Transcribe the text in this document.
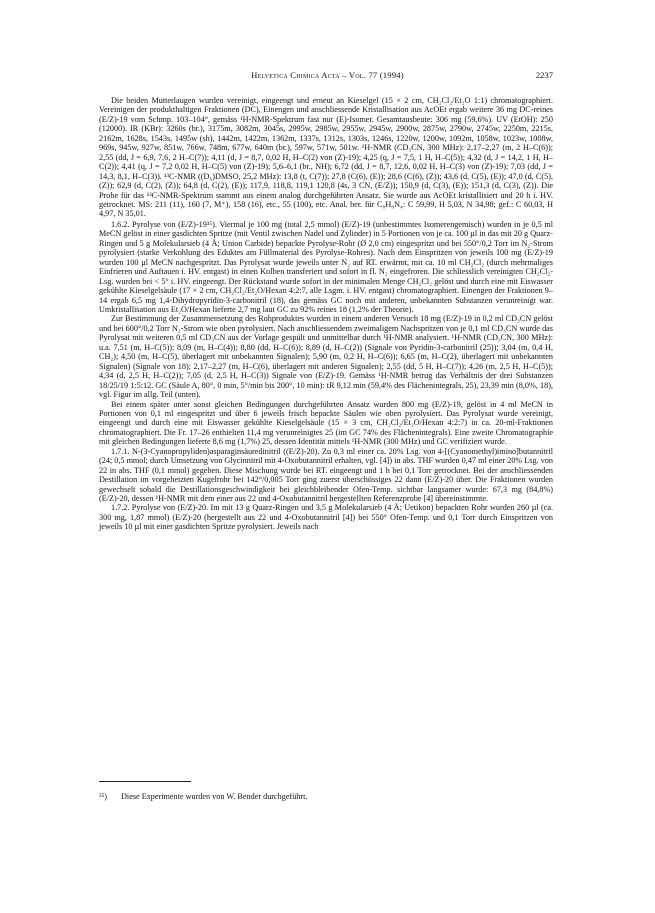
Helvetica Chimica Acta – Vol. 77 (1994)	2237

Die beiden Mutterlaugen wurden vereinigt, eingeengt und erneut an Kieselgel (15 × 2 cm, CH₂Cl₂/Et₂O 1:1) chromatographiert. Vereinigen der produkthaltigen Fraktionen (DC), Einengen und anschliessende Kristallisation aus AcOEt ergab weitere 36 mg DC-reines (E/Z)-19 vom Schmp. 103–104°, gemäss ¹H-NMR-Spektrum fast nur (E)-Isomer. Gesamtausbeute: 306 mg (59,6%). UV (EtOH): 250 (12000). IR (KBr): 3260s (br.), 3175m, 3082m, 3045s, 2995w, 2985w, 2955w, 2945w, 2900w, 2875w, 2790w, 2745w, 2250m, 2215s, 2162m, 1628s, 1543s, 1495w (sh), 1442m, 1422m, 1362m, 1337s, 1312s, 1303s, 1246s, 1220w, 1200w, 1092m, 1058w, 1023w, 1008w, 969s, 945w, 927w, 851w, 766w, 748m, 677w, 640m (br.), 597w, 571w, 501w. ¹H-NMR (CD₃CN, 300 MHz): 2,17–2,27 (m, 2 H–C(6)); 2,55 (dd, J = 6,9, 7,6, 2 H–C(7)); 4,11 (d, J = 8,7, 0,02 H, H–C(2) von (Z)-19); 4,25 (q, J = 7,5, 1 H, H–C(5)); 4,32 (d, J = 14,2, 1 H, H–C(2)); 4,41 (q, J = 7,2 0,02 H, H–C(5) von (Z)-19); 5,6–6,1 (br., NH); 6,72 (dd, J = 8,7, 12,6, 0,02 H, H–C(3) von (Z)-19); 7,03 (dd, J = 14,3, 8,1, H–C(3)). ¹³C-NMR ((D₆)DMSO, 25,2 MHz): 13,8 (t, C(7)); 27,8 (C(6), (E)); 28,6 (C(6), (Z)); 43,6 (d, C(5), (E)); 47,0 (d, C(5), (Z)); 62,9 (d, C(2), (Z)); 64,8 (d, C(2), (E)); 117,9, 118,8, 119,1 120,8 (4s, 3 CN, (E/Z)); 150,9 (d, C(3), (E)); 151,3 (d, C(3), (Z)). Die Probe für das ¹³C-NMR-Spektrum stammt aus einem analog durchgeführten Ansatz. Sie wurde aus AcOEt kristallisiert und 20 h i. HV. getrocknet. MS: 211 (11), 160 (7, M⁺), 158 (16), etc., 55 (100), etc. Anal. ber. für C₈H₈N₄: C 59,99, H 5,03, N 34,98; gef.: C 60,03, H 4,97, N 35,01.

1.6.2. Pyrolyse von (E/Z)-19³⁵). Viermal je 100 mg (total 2,5 mmol) (E/Z)-19 (unbestimmtes Isomerengemisch) wurden in je 0,5 ml MeCN gelöst in einer gasdichten Spritze (mit Ventil zwischen Nadel und Zylinder) in 5 Portionen von je ca. 100 µl in das mit 20 g Quarz-Ringen und 5 g Molekularsieb (4 Å; Union Carbide) bepackte Pyrolyse-Rohr (Ø 2,0 cm) eingespritzt und bei 550°/0,2 Torr im N₂-Strom pyrolysiert (starke Verkohlung des Eduktes am Füllmaterial des Pyrolyse-Rohres). Nach dem Einspritzen von jeweils 100 mg (E/Z)-19 wurden 100 µl MeCN nachgespritzt. Das Pyrolysat wurde jeweils unter N₂ auf RT. erwärmt, mit ca. 10 ml CH₂Cl₂ (durch mehrmaliges Einfrieren und Auftauen i. HV. entgast) in einen Kolben transferiert und sofort in fl. N₂ eingefroren. Die schliesslich vereinigten CH₂Cl₂-Lsg. wurden bei < 5° i. HV. eingeengt. Der Rückstand wurde sofort in der minimalen Menge CH₂Cl₂ gelöst und durch eine mit Eiswasser gekühlte Kieselgelsäule (17 × 2 cm, CH₂Cl₂/Et₂O/Hexan 4:2:7, alle Lsgm. i. HV. entgast) chromatographiert. Einengen der Fraktionen 9–14 ergab 6,5 mg 1,4-Dihydropyridin-3-carbonitril (18), das gemäss GC noch mit anderen, unbekannten Substanzen verunreinigt war. Umkristallisation aus Et₂O/Hexan lieferte 2,7 mg laut GC zu 92% reines 18 (1,2% der Theorie).

Zur Bestimmung der Zusammensetzung des Rohproduktes wurden in einem anderen Versuch 18 mg (E/Z)-19 in 0,2 ml CD₃CN gelöst und bei 600°/0,2 Torr N₂-Strom wie oben pyrolysiert. Nach anschliessendem zweimaligem Nachspritzen von je 0,1 ml CD₃CN wurde das Pyrolysat mit weiteren 0,5 ml CD₃CN aus der Vorlage gespült und unmittelbar durch ¹H-NMR analysiert. ¹H-NMR (CD₃CN, 300 MHz): u.a. 7,51 (m, H–C(5)); 8,09 (m, H–C(4)); 8,80 (dd, H–C(6)); 8,89 (d, H–C(2)) (Signale von Pyridin-3-carbonitril (25)); 3,04 (m, 0,4 H, CH₂); 4,50 (m, H–C(5), überlagert mit unbekannten Signalen); 5,90 (m, 0,2 H, H–C(6)); 6,65 (m, H–C(2), überlagert mit unbekannten Signalen) (Signale von 18); 2,17–2,27 (m, H–C(6), überlagert mit anderen Signalen); 2,55 (dd, 5 H, H–C(7)); 4,26 (m, 2,5 H, H–C(5)); 4,34 (d, 2,5 H, H–C(2)); 7,05 (d, 2,5 H, H–C(3)) Signale von (E/Z)-19. Gemäss ¹H-NMR betrug das Verhältnis der drei Substanzen 18/25/19 1:5:12. GC (Säule A, 80°, 0 min, 5°/min bis 200°, 10 min): tR 9,12 min (59,4% des Flächenintegrals, 25), 23,39 min (8,0%, 18), vgl. Figur im allg. Teil (unten).

Bei einem später unter sonst gleichen Bedingungen durchgeführten Ansatz wurden 800 mg (E/Z)-19, gelöst in 4 ml MeCN in Portionen von 0,1 ml eingespritzt und über 6 jeweils frisch bepackte Säulen wie oben pyrolysiert. Das Pyrolysat wurde vereinigt, eingeengt und durch eine mit Eiswasser gekühlte Kieselgelsäule (15 × 3 cm, CH₂Cl₂/Et₂O/Hexan 4:2:7) in ca. 20-ml-Fraktionen chromatographiert. Die Fr. 17–26 enthielten 11,4 mg verunreinigtes 25 (im GC 74% des Flächenintegrals). Eine zweite Chromatographie mit gleichen Bedingungen lieferte 8,6 mg (1,7%) 25, dessen Identität mittels ¹H-NMR (300 MHz) und GC verifiziert wurde.

1.7.1. N-(3-Cyanopropyliden)asparaginsäuredinitril ((E/Z)-20). Zu 0,3 ml einer ca. 20% Lsg. von 4-[(Cyanomethyl)imino]butannitril (24; 0,5 mmol; durch Umsetzung von Glycinnitril mit 4-Oxobutannitril erhalten, vgl. [4]) in abs. THF wurden 0,47 ml einer 20% Lsg. von 22 in abs. THF (0,1 mmol) gegeben. Diese Mischung wurde bei RT. eingeengt und 1 h bei 0,1 Torr getrocknet. Bei der anschliessenden Destillation im vorgeheizten Kugelrohr bei 142°/0,005 Torr ging zuerst überschüssiges 22 dann (E/Z)-20 über. Die Fraktionen wurden gewechselt sobald die Destillationsgeschwindigkeit bei gleichbleibender Ofen-Temp. sichtbar langsamer wurde: 67,3 mg (84,8%) (E/Z)-20, dessen ¹H-NMR mit dem einer aus 22 und 4-Oxobutannitril hergestellten Referenzprobe [4] übereinstimmte.

1.7.2. Pyrolyse von (E/Z)-20. Im mit 13 g Quarz-Ringen und 3,5 g Molekularsieb (4 Å; Uetikon) bepackten Rohr wurden 260 µl (ca. 300 mg, 1,87 mmol) (E/Z)-20 (hergestellt aus 22 und 4-Oxobutannitril [4]) bei 550° Ofen-Temp. und 0,1 Torr durch Einspritzen von jeweils 10 µl mit einer gasdichten Spritze pyrolysiert. Jeweils nach

³⁵) Diese Experimente wurden von W. Bender durchgeführt.
